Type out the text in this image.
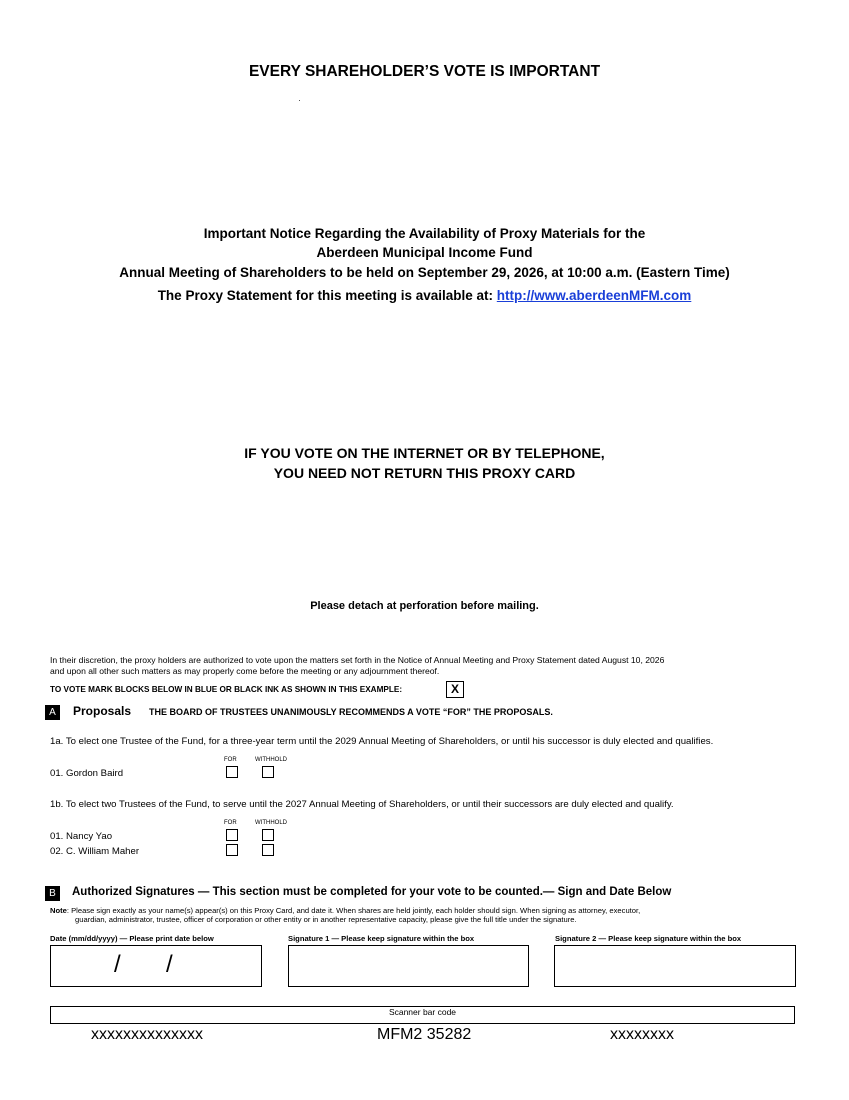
EVERY SHAREHOLDER’S VOTE IS IMPORTANT
Important Notice Regarding the Availability of Proxy Materials for the
Aberdeen Municipal Income Fund
Annual Meeting of Shareholders to be held on September 29, 2026, at 10:00 a.m. (Eastern Time)
The Proxy Statement for this meeting is available at: http://www.aberdeenMFM.com
IF YOU VOTE ON THE INTERNET OR BY TELEPHONE,
YOU NEED NOT RETURN THIS PROXY CARD
Please detach at perforation before mailing.
In their discretion, the proxy holders are authorized to vote upon the matters set forth in the Notice of Annual Meeting and Proxy Statement dated August 10, 2026
and upon all other such matters as may properly come before the meeting or any adjournment thereof.
TO VOTE MARK BLOCKS BELOW IN BLUE OR BLACK INK AS SHOWN IN THIS EXAMPLE:	X
A	Proposals THE BOARD OF TRUSTEES UNANIMOUSLY RECOMMENDS A VOTE “FOR” THE PROPOSALS.
1a. To elect one Trustee of the Fund, for a three-year term until the 2029 Annual Meeting of Shareholders, or until his successor is duly elected and qualifies.
FOR	WITHHOLD
01. Gordon Baird
1b. To elect two Trustees of the Fund, to serve until the 2027 Annual Meeting of Shareholders, or until their successors are duly elected and qualify.
FOR	WITHHOLD
01. Nancy Yao
02. C. William Maher
B	Authorized Signatures — This section must be completed for your vote to be counted.— Sign and Date Below
Note: Please sign exactly as your name(s) appear(s) on this Proxy Card, and date it. When shares are held jointly, each holder should sign. When signing as attorney, executor,
guardian, administrator, trustee, officer of corporation or other entity or in another representative capacity, please give the full title under the signature.
Date (mm/dd/yyyy) — Please print date below	Signature 1 — Please keep signature within the box	Signature 2 — Please keep signature within the box
/ /
Scanner bar code
xxxxxxxxxxxxxx	MFM2 35282	xxxxxxxx
